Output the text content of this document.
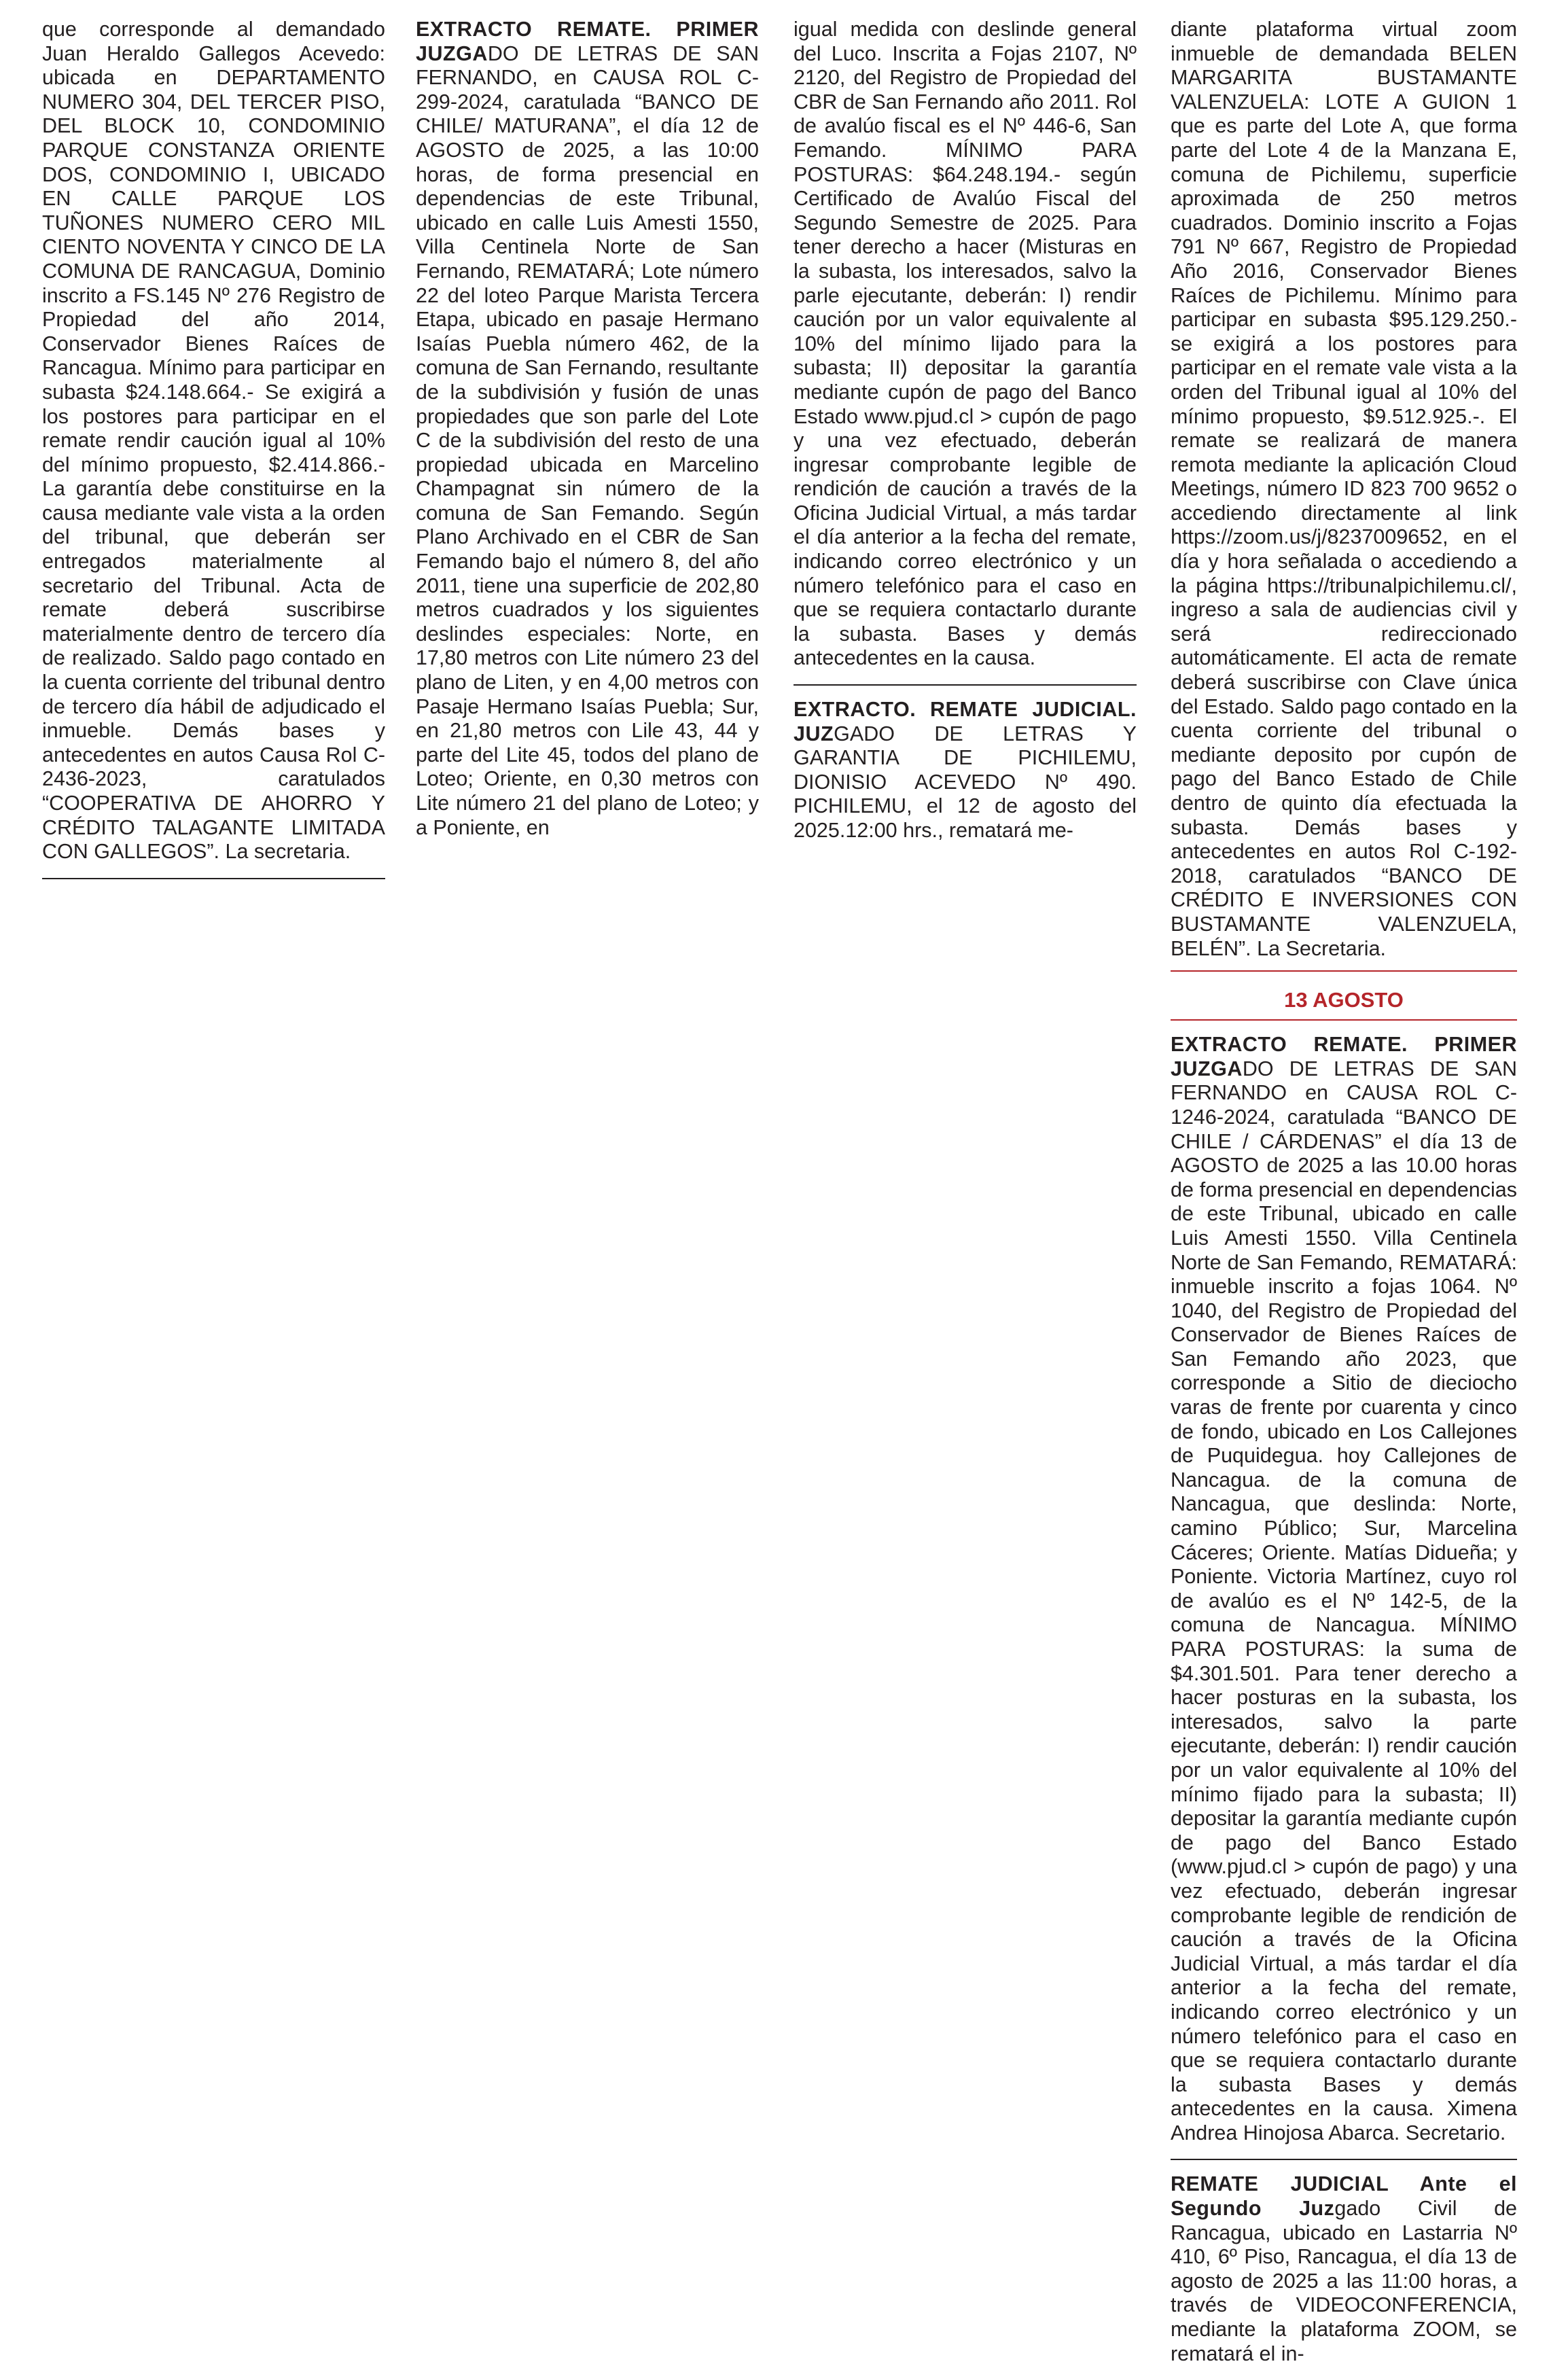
que corresponde al demandado Juan Heraldo Gallegos Acevedo: ubicada en DEPARTAMENTO NUMERO 304, DEL TERCER PISO, DEL BLOCK 10, CONDOMINIO PARQUE CONSTANZA ORIENTE DOS, CONDOMINIO I, UBICADO EN CALLE PARQUE LOS TUÑONES NUMERO CERO MIL CIENTO NOVENTA Y CINCO DE LA COMUNA DE RANCAGUA, Dominio inscrito a FS.145 Nº 276 Registro de Propiedad del año 2014, Conservador Bienes Raíces de Rancagua. Mínimo para participar en subasta $24.148.664.- Se exigirá a los postores para participar en el remate rendir caución igual al 10% del mínimo propuesto, $2.414.866.-La garantía debe constituirse en la causa mediante vale vista a la orden del tribunal, que deberán ser entregados materialmente al secretario del Tribunal. Acta de remate deberá suscribirse materialmente dentro de tercero día de realizado. Saldo pago contado en la cuenta corriente del tribunal dentro de tercero día hábil de adjudicado el inmueble. Demás bases y antecedentes en autos Causa Rol C-2436-2023, caratulados “COOPERATIVA DE AHORRO Y CRÉDITO TALAGANTE LIMITADA CON GALLEGOS”. La secretaria.

EXTRACTO REMATE. PRIMER JUZGADO DE LETRAS DE SAN FERNANDO, en CAUSA ROL C-299-2024, caratulada “BANCO DE CHILE/ MATURANA”, el día 12 de AGOSTO de 2025, a las 10:00 horas, de forma presencial en dependencias de este Tribunal, ubicado en calle Luis Amesti 1550, Villa Centinela Norte de San Fernando, REMATARÁ; Lote número 22 del loteo Parque Marista Tercera Etapa, ubicado en pasaje Hermano Isaías Puebla número 462, de la comuna de San Fernando, resultante de la subdivisión y fusión de unas propiedades que son parle del Lote C de la subdivisión del resto de una propiedad ubicada en Marcelino Champagnat sin número de la comuna de San Femando. Según Plano Archivado en el CBR de San Femando bajo el número 8, del año 2011, tiene una superficie de 202,80 metros cuadrados y los siguientes deslindes especiales: Norte, en 17,80 metros con Lite número 23 del plano de Liten, y en 4,00 metros con Pasaje Hermano Isaías Puebla; Sur, en 21,80 metros con Lile 43, 44 y parte del Lite 45, todos del plano de Loteo; Oriente, en 0,30 metros con Lite número 21 del plano de Loteo; y a Poniente, en

igual medida con deslinde general del Luco. Inscrita a Fojas 2107, Nº 2120, del Registro de Propiedad del CBR de San Fernando año 2011. Rol de avalúo fiscal es el Nº 446-6, San Femando. MÍNIMO PARA POSTURAS: $64.248.194.- según Certificado de Avalúo Fiscal del Segundo Semestre de 2025. Para tener derecho a hacer (Misturas en la subasta, los interesados, salvo la parle ejecutante, deberán: I) rendir caución por un valor equivalente al 10% del mínimo lijado para la subasta; II) depositar la garantía mediante cupón de pago del Banco Estado www.pjud.cl > cupón de pago y una vez efectuado, deberán ingresar comprobante legible de rendición de caución a través de la Oficina Judicial Virtual, a más tardar el día anterior a la fecha del remate, indicando correo electrónico y un número telefónico para el caso en que se requiera contactarlo durante la subasta. Bases y demás antecedentes en la causa.

EXTRACTO. REMATE JUDICIAL. JUZGADO DE LETRAS Y GARANTIA DE PICHILEMU, DIONISIO ACEVEDO Nº 490. PICHILEMU, el 12 de agosto del 2025.12:00 hrs., rematará me-

diante plataforma virtual zoom inmueble de demandada BELEN MARGARITA BUSTAMANTE VALENZUELA: LOTE A GUION 1 que es parte del Lote A, que forma parte del Lote 4 de la Manzana E, comuna de Pichilemu, superficie aproximada de 250 metros cuadrados. Dominio inscrito a Fojas 791 Nº 667, Registro de Propiedad Año 2016, Conservador Bienes Raíces de Pichilemu. Mínimo para participar en subasta $95.129.250.- se exigirá a los postores para participar en el remate vale vista a la orden del Tribunal igual al 10% del mínimo propuesto, $9.512.925.-. El remate se realizará de manera remota mediante la aplicación Cloud Meetings, número ID 823 700 9652 o accediendo directamente al link https://zoom.us/j/8237009652, en el día y hora señalada o accediendo a la página https://tribunalpichilemu.cl/, ingreso a sala de audiencias civil y será redireccionado automáticamente. El acta de remate deberá suscribirse con Clave única del Estado. Saldo pago contado en la cuenta corriente del tribunal o mediante deposito por cupón de pago del Banco Estado de Chile dentro de quinto día efectuada la subasta. Demás bases y antecedentes en autos Rol C-192-2018, caratulados “BANCO DE CRÉDITO E INVERSIONES CON BUSTAMANTE VALENZUELA, BELÉN”. La Secretaria.

13 AGOSTO

EXTRACTO REMATE. PRIMER JUZGADO DE LETRAS DE SAN FERNANDO en CAUSA ROL C-1246-2024, caratulada “BANCO DE CHILE / CÁRDENAS” el día 13 de AGOSTO de 2025 a las 10.00 horas de forma presencial en dependencias de este Tribunal, ubicado en calle Luis Amesti 1550. Villa Centinela Norte de San Femando, REMATARÁ: inmueble inscrito a fojas 1064. Nº 1040, del Registro de Propiedad del Conservador de Bienes Raíces de San Femando año 2023, que corresponde a Sitio de dieciocho varas de frente por cuarenta y cinco de fondo, ubicado en Los Callejones de Puquidegua. hoy Callejones de Nancagua. de la comuna de Nancagua, que deslinda: Norte, camino Público; Sur, Marcelina Cáceres; Oriente. Matías Didueña; y Poniente. Victoria Martínez, cuyo rol de avalúo es el Nº 142-5, de la comuna de Nancagua. MÍNIMO PARA POSTURAS: la suma de $4.301.501. Para tener derecho a hacer posturas en la subasta, los interesados, salvo la parte ejecutante, deberán: I) rendir caución por un valor equivalente al 10% del mínimo fijado para la subasta; II) depositar la garantía mediante cupón de pago del Banco Estado (www.pjud.cl > cupón de pago) y una vez efectuado, deberán ingresar comprobante legible de rendición de caución a través de la Oficina Judicial Virtual, a más tardar el día anterior a la fecha del remate, indicando correo electrónico y un número telefónico para el caso en que se requiera contactarlo durante la subasta Bases y demás antecedentes en la causa. Ximena Andrea Hinojosa Abarca. Secretario.

REMATE JUDICIAL Ante el Segundo Juzgado Civil de Rancagua, ubicado en Lastarria Nº 410, 6º Piso, Rancagua, el día 13 de agosto de 2025 a las 11:00 horas, a través de VIDEOCONFERENCIA, mediante la plataforma ZOOM, se rematará el in-
